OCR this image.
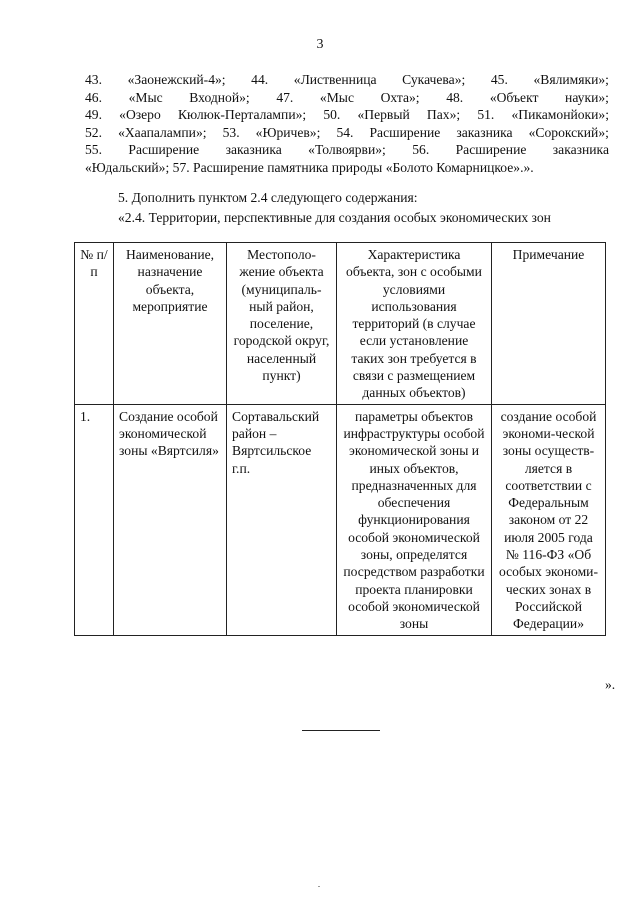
3
43. «Заонежский-4»; 44. «Лиственница Сукачева»; 45. «Вялимяки»;
46. «Мыс Входной»; 47. «Мыс Охта»; 48. «Объект науки»;
49. «Озеро Кюлюк-Перталампи»; 50. «Первый Пах»; 51. «Пикамонйоки»;
52. «Хаапалампи»; 53. «Юричев»; 54. Расширение заказника «Сорокский»;
55. Расширение заказника «Толвоярви»; 56. Расширение заказника
«Юдальский»; 57. Расширение памятника природы «Болото Комарницкое».».
5. Дополнить пунктом 2.4 следующего содержания:
«2.4. Территории, перспективные для создания особых экономических зон
№ п/п	Наименование, назначение объекта, мероприятие	Местополо-жение объекта (муниципаль-ный район, поселение, городской округ, населенный пункт)	Характеристика объекта, зон с особыми условиями использования территорий (в случае если установление таких зон требуется в связи с размещением данных объектов)	Примечание
1.	Создание особой экономической зоны «Вяртсиля»	Сортавальский район – Вяртсильское г.п.	параметры объектов инфраструктуры особой экономической зоны и иных объектов, предназначенных для обеспечения функционирования особой экономической зоны, определятся посредством разработки проекта планировки особой экономической зоны	создание особой экономи-ческой зоны осуществ-ляется в соответствии с Федеральным законом от 22 июля 2005 года № 116-ФЗ «Об особых экономи-ческих зонах в Российской Федерации»
».
